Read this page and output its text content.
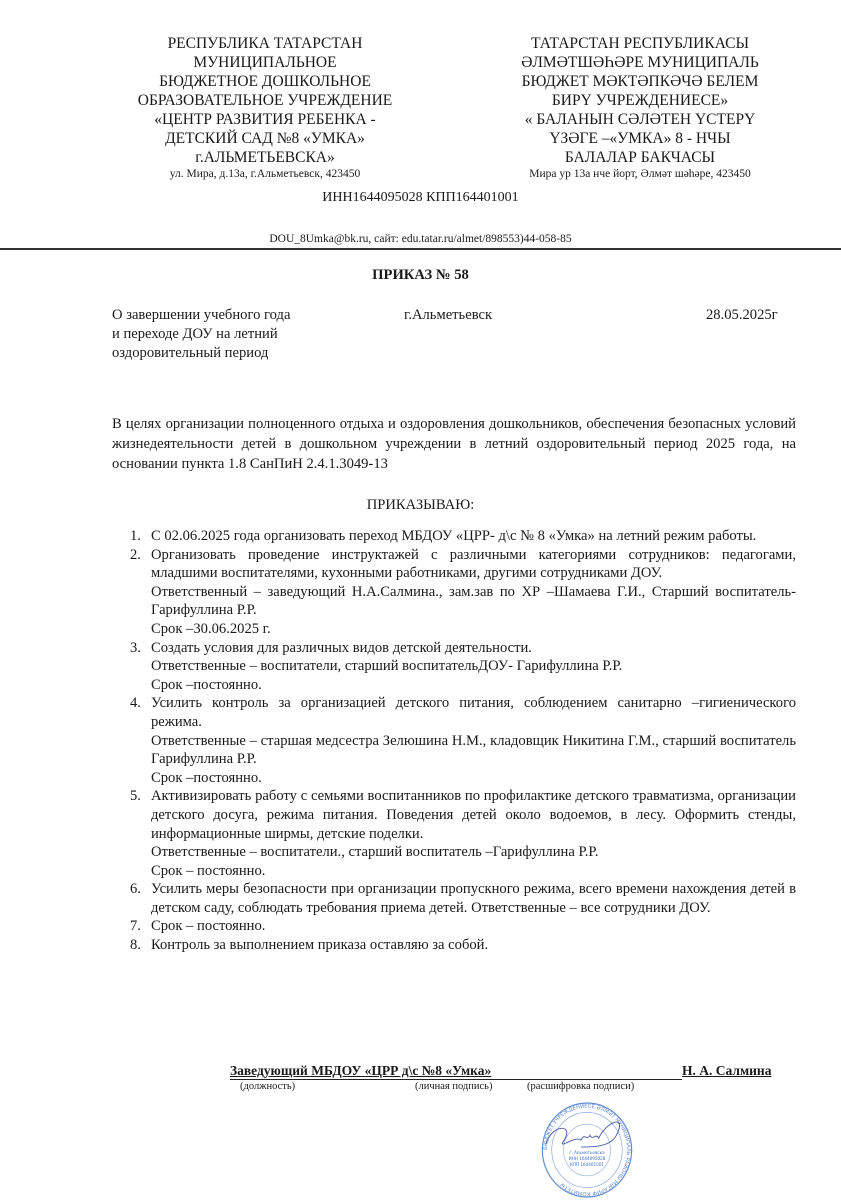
РЕСПУБЛИКА ТАТАРСТАН
МУНИЦИПАЛЬНОЕ
БЮДЖЕТНОЕ ДОШКОЛЬНОЕ
ОБРАЗОВАТЕЛЬНОЕ УЧРЕЖДЕНИЕ
«ЦЕНТР РАЗВИТИЯ РЕБЕНКА -
ДЕТСКИЙ САД №8 «УМКА»
г.АЛЬМЕТЬЕВСКА»
ул. Мира, д.13а, г.Альметьевск, 423450
ТАТАРСТАН РЕСПУБЛИКАСЫ
ӘЛМӘТШӘҺӘРЕ МУНИЦИПАЛЬ
БЮДЖЕТ МӘКТӘПКӘЧӘ БЕЛЕМ
БИРҮ УЧРЕЖДЕНИЕСЕ»
« БАЛАНЫН СӘЛӘТЕН ҮСТЕРҮ
ҮЗӘГЕ –«УМКА» 8 - НЧЫ
БАЛАЛАР БАКЧАСЫ
Мира ур 13а нче йорт, Әлмәт шәһәре, 423450
ИНН1644095028 КПП164401001
DOU_8Umka@bk.ru, сайт: edu.tatar.ru/almet/898553)44-058-85
ПРИКАЗ № 58
О завершении учебного года
и переходе ДОУ на летний
оздоровительный период
г.Альметьевск	28.05.2025г
В целях организации полноценного отдыха и оздоровления дошкольников, обеспечения безопасных условий жизнедеятельности детей в дошкольном учреждении в летний оздоровительный период 2025 года, на основании пункта 1.8 СанПиН 2.4.1.3049-13
ПРИКАЗЫВАЮ:
1. С 02.06.2025 года организовать переход МБДОУ «ЦРР- д\с № 8 «Умка» на летний режим работы.

2. Организовать проведение инструктажей с различными категориями сотрудников: педагогами, младшими воспитателями, кухонными работниками, другими сотрудниками ДОУ.

Ответственный – заведующий Н.А.Салмина., зам.зав по ХР –Шамаева Г.И., Старший воспитатель- Гарифуллина Р.Р.

Срок –30.06.2025 г.

3. Создать условия для различных видов детской деятельности.

Ответственные – воспитатели, старший воспитательДОУ- Гарифуллина Р.Р.

Срок –постоянно.

4. Усилить контроль за организацией детского питания, соблюдением санитарно –гигиенического режима.

Ответственные – старшая медсестра Зелюшина Н.М., кладовщик Никитина Г.М., старший воспитатель Гарифуллина Р.Р.

Срок –постоянно.

5. Активизировать работу с семьями воспитанников по профилактике детского травматизма, организации детского досуга, режима питания. Поведения детей около водоемов, в лесу. Оформить стенды, информационные ширмы, детские поделки.

Ответственные – воспитатели., старший воспитатель –Гарифуллина Р.Р.

Срок – постоянно.

6. Усилить меры безопасности при организации пропускного режима, всего времени нахождения детей в детском саду, соблюдать требования приема детей. Ответственные – все сотрудники ДОУ.

7. Срок – постоянно.

8. Контроль за выполнением приказа оставляю за собой.

Заведующий МБДОУ «ЦРР д\с №8 «Умка»	Н. А. Салмина
(должность)	(личная подпись)	(расшифровка подписи)
БЮДЖЕТ УЧРЕЖДЕНИЕСЕ ӘЛМӘТ МУНИЦИПАЛЬ РАЙОНЫ МӘГАРИФ КОМИТЕТЫ
г. Альметьевска
ИНН 1644095028
КПП 164401001
